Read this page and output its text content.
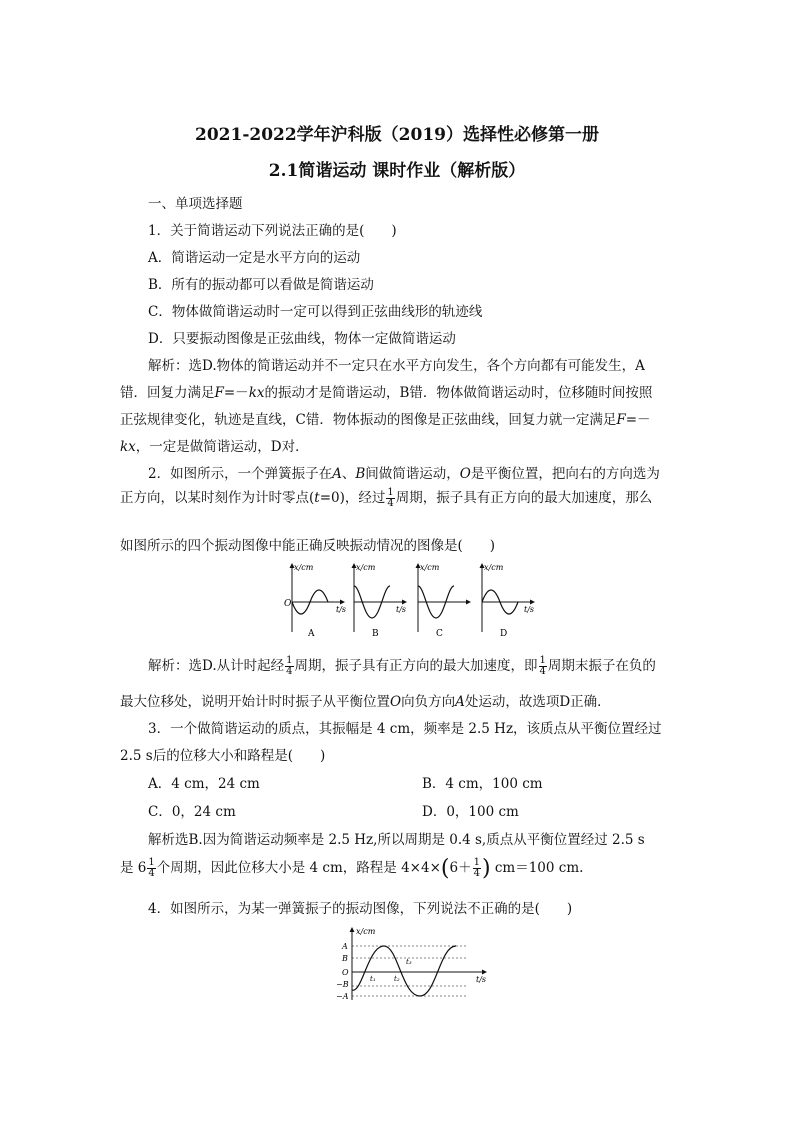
2021-2022学年沪科版（2019）选择性必修第一册
2.1简谐运动 课时作业（解析版）
一、单项选择题
1．关于简谐运动下列说法正确的是(　　)
A．简谐运动一定是水平方向的运动
B．所有的振动都可以看做是简谐运动
C．物体做简谐运动时一定可以得到正弦曲线形的轨迹线
D．只要振动图像是正弦曲线，物体一定做简谐运动
解析：选D.物体的简谐运动并不一定只在水平方向发生，各个方向都有可能发生，A
错．回复力满足F=－kx的振动才是简谐运动，B错．物体做简谐运动时，位移随时间按照
正弦规律变化，轨迹是直线，C错．物体振动的图像是正弦曲线，回复力就一定满足F=－
kx，一定是做简谐运动，D对．
2．如图所示，一个弹簧振子在A、B间做简谐运动，O是平衡位置，把向右的方向选为
正方向，以某时刻作为计时零点(t=0)，经过 $\frac{1}{4}$ 周期，振子具有正方向的最大加速度，那么
如图所示的四个振动图像中能正确反映振动情况的图像是(　　)
x/cm
O
t/s
A
x/cm
t/s
B
x/cm
C
x/cm
t/s
D
解析：选D.从计时起经 $\frac{1}{4}$ 周期，振子具有正方向的最大加速度，即 $\frac{1}{4}$ 周期末振子在负的
最大位移处，说明开始计时时振子从平衡位置O向负方向A处运动，故选项D正确．
3．一个做简谐运动的质点，其振幅是 4 cm，频率是 2.5 Hz，该质点从平衡位置经过
2.5 s后的位移大小和路程是(　　)
A．4 cm，24 cm	B．4 cm，100 cm
C．0，24 cm	D．0，100 cm
解析选B.因为简谐运动频率是 2.5 Hz,所以周期是 0.4 s,质点从平衡位置经过 2.5 s
是 $6 \frac{1}{4}$ 个周期，因此位移大小是 4 cm，路程是 $4\times 4\times(6+ \frac{1}{4}$ ) cm＝100 cm.
4．如图所示，为某一弹簧振子的振动图像，下列说法不正确的是(　　)
x/cm
A
B
O
−B
−A
t₁	t₂
t₃
t/s
